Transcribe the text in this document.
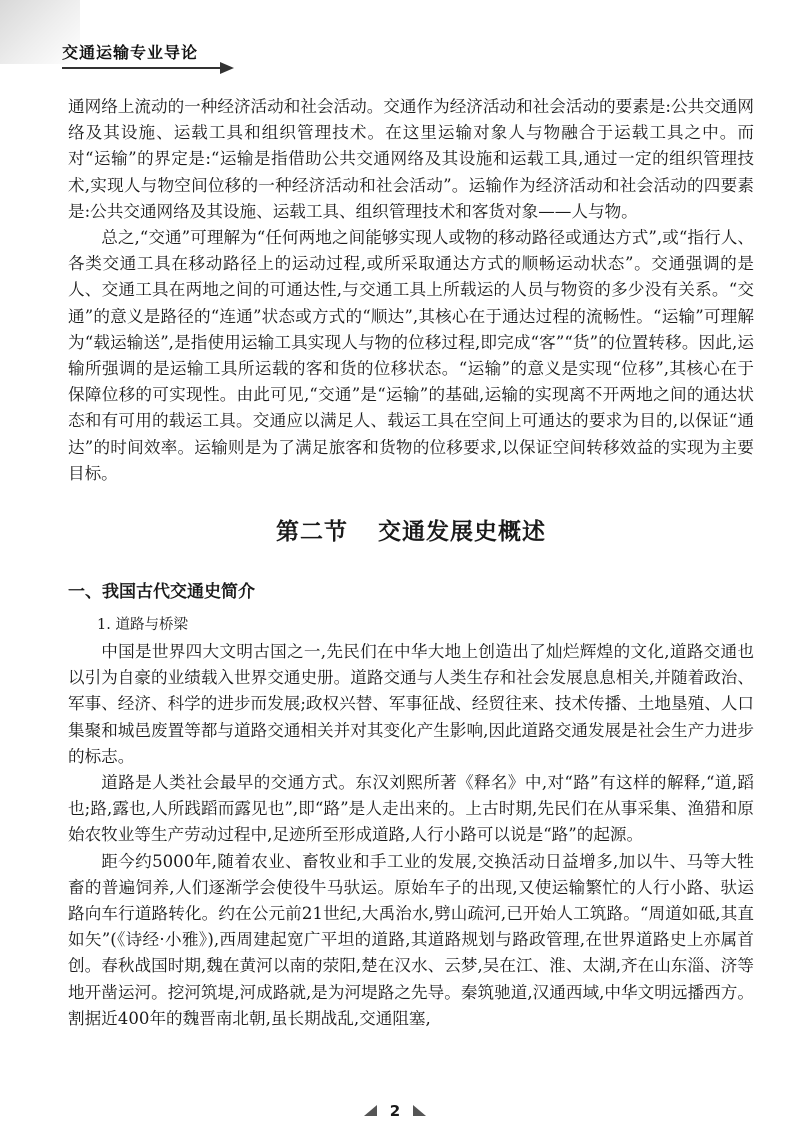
交通运输专业导论

通网络上流动的一种经济活动和社会活动。交通作为经济活动和社会活动的要素是:公共交通网络及其设施、运载工具和组织管理技术。在这里运输对象人与物融合于运载工具之中。而对“运输”的界定是:“运输是指借助公共交通网络及其设施和运载工具,通过一定的组织管理技术,实现人与物空间位移的一种经济活动和社会活动”。运输作为经济活动和社会活动的四要素是:公共交通网络及其设施、运载工具、组织管理技术和客货对象——人与物。

总之,“交通”可理解为“任何两地之间能够实现人或物的移动路径或通达方式”,或“指行人、各类交通工具在移动路径上的运动过程,或所采取通达方式的顺畅运动状态”。交通强调的是人、交通工具在两地之间的可通达性,与交通工具上所载运的人员与物资的多少没有关系。“交通”的意义是路径的“连通”状态或方式的“顺达”,其核心在于通达过程的流畅性。“运输”可理解为“载运输送”,是指使用运输工具实现人与物的位移过程,即完成“客”“货”的位置转移。因此,运输所强调的是运输工具所运载的客和货的位移状态。“运输”的意义是实现“位移”,其核心在于保障位移的可实现性。由此可见,“交通”是“运输”的基础,运输的实现离不开两地之间的通达状态和有可用的载运工具。交通应以满足人、载运工具在空间上可通达的要求为目的,以保证“通达”的时间效率。运输则是为了满足旅客和货物的位移要求,以保证空间转移效益的实现为主要目标。

第二节 交通发展史概述
一、我国古代交通史简介
1. 道路与桥梁

中国是世界四大文明古国之一,先民们在中华大地上创造出了灿烂辉煌的文化,道路交通也以引为自豪的业绩载入世界交通史册。道路交通与人类生存和社会发展息息相关,并随着政治、军事、经济、科学的进步而发展;政权兴替、军事征战、经贸往来、技术传播、土地垦殖、人口集聚和城邑废置等都与道路交通相关并对其变化产生影响,因此道路交通发展是社会生产力进步的标志。

道路是人类社会最早的交通方式。东汉刘熙所著《释名》中,对“路”有这样的解释,“道,蹈也;路,露也,人所践蹈而露见也”,即“路”是人走出来的。上古时期,先民们在从事采集、渔猎和原始农牧业等生产劳动过程中,足迹所至形成道路,人行小路可以说是“路”的起源。

距今约5000年,随着农业、畜牧业和手工业的发展,交换活动日益增多,加以牛、马等大牲畜的普遍饲养,人们逐渐学会使役牛马驮运。原始车子的出现,又使运输繁忙的人行小路、驮运路向车行道路转化。约在公元前21世纪,大禹治水,劈山疏河,已开始人工筑路。“周道如砥,其直如矢”(《诗经·小雅》),西周建起宽广平坦的道路,其道路规划与路政管理,在世界道路史上亦属首创。春秋战国时期,魏在黄河以南的荥阳,楚在汉水、云梦,吴在江、淮、太湖,齐在山东淄、济等地开凿运河。挖河筑堤,河成路就,是为河堤路之先导。秦筑驰道,汉通西域,中华文明远播西方。割据近400年的魏晋南北朝,虽长期战乱,交通阻塞,

2
